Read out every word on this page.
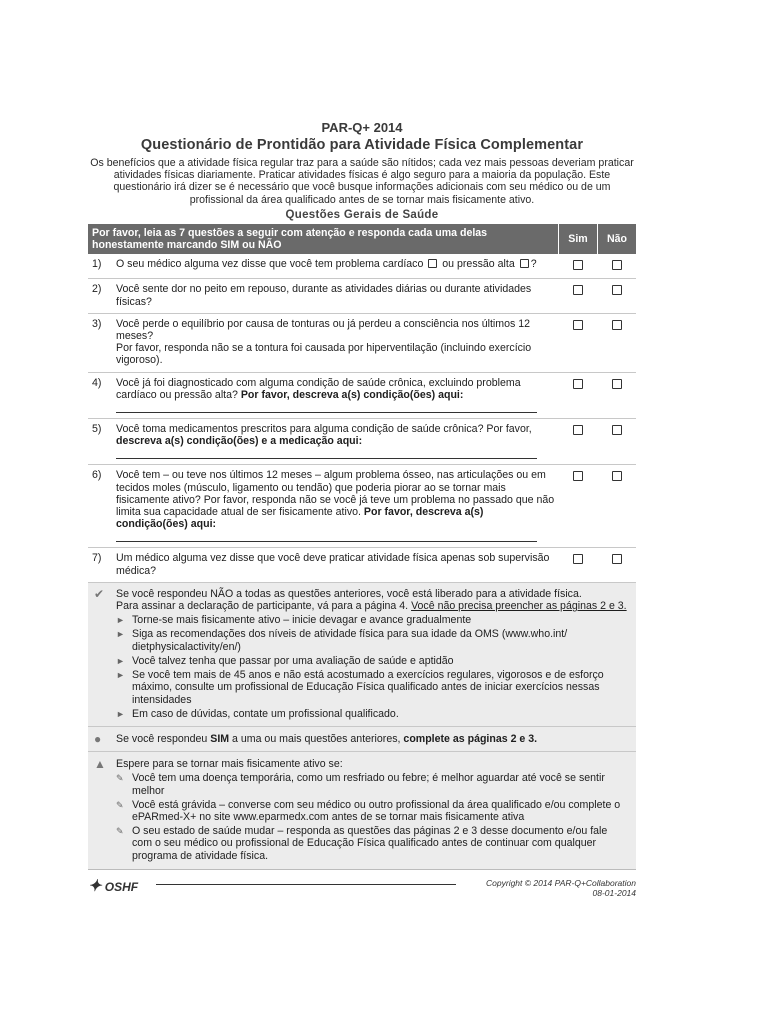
PAR-Q+ 2014
Questionário de Prontidão para Atividade Física Complementar

Os benefícios que a atividade física regular traz para a saúde são nítidos; cada vez mais pessoas deveriam praticar atividades físicas diariamente. Praticar atividades físicas é algo seguro para a maioria da população. Este questionário irá dizer se é necessário que você busque informações adicionais com seu médico ou de um profissional da área qualificado antes de se tornar mais fisicamente ativo.

Questões Gerais de Saúde
Por favor, leia as 7 questões a seguir com atenção e responda cada uma delas honestamente marcando SIM ou NÃO		Sim	Não
1)	O seu médico alguma vez disse que você tem problema cardíaco ou pressão alta ?		
2)	Você sente dor no peito em repouso, durante as atividades diárias ou durante atividades físicas?		
3)	Você perde o equilíbrio por causa de tonturas ou já perdeu a consciência nos últimos 12 meses?
Por favor, responda não se a tontura foi causada por hiperventilação (incluindo exercício vigoroso).		

4)	Você já foi diagnosticado com alguma condição de saúde crônica, excluindo problema cardíaco ou pressão alta? Por favor, descreva a(s) condição(ões) aqui:

5)	Você toma medicamentos prescritos para alguma condição de saúde crônica? Por favor, descreva a(s) condição(ões) e a medicação aqui:

6)	Você tem – ou teve nos últimos 12 meses – algum problema ósseo, nas articulações ou em tecidos moles (músculo, ligamento ou tendão) que poderia piorar ao se tornar mais fisicamente ativo? Por favor, responda não se você já teve um problema no passado que não limita sua capacidade atual de ser fisicamente ativo. Por favor, descreva a(s) condição(ões) aqui:

7)	Um médico alguma vez disse que você deve praticar atividade física apenas sob supervisão médica?		
✔	Se você respondeu NÃO a todas as questões anteriores, você está liberado para a atividade física.
Para assinar a declaração de participante, vá para a página 4. Você não precisa preencher as páginas 2 e 3.
► Torne-se mais fisicamente ativo – inicie devagar e avance gradualmente
► Siga as recomendações dos níveis de atividade física para sua idade da OMS (www.who.int/ dietphysicalactivity/en/)
► Você talvez tenha que passar por uma avaliação de saúde e aptidão
► Se você tem mais de 45 anos e não está acostumado a exercícios regulares, vigorosos e de esforço máximo, consulte um profissional de Educação Física qualificado antes de iniciar exercícios nessas intensidades
► Em caso de dúvidas, contate um profissional qualificado.
●	Se você respondeu SIM a uma ou mais questões anteriores, complete as páginas 2 e 3.
▲ Espere para se tornar mais fisicamente ativo se:
✎ Você tem uma doença temporária, como um resfriado ou febre; é melhor aguardar até você se sentir melhor
✎ Você está grávida – converse com seu médico ou outro profissional da área qualificado e/ou complete o ePARmed-X+ no site www.eparmedx.com antes de se tornar mais fisicamente ativa
✎ O seu estado de saúde mudar – responda as questões das páginas 2 e 3 desse documento e/ou fale com o seu médico ou profissional de Educação Física qualificado antes de continuar com qualquer programa de atividade física.
✦ OSHF	Copyright © 2014 PAR-Q+Collaboration
08-01-2014
